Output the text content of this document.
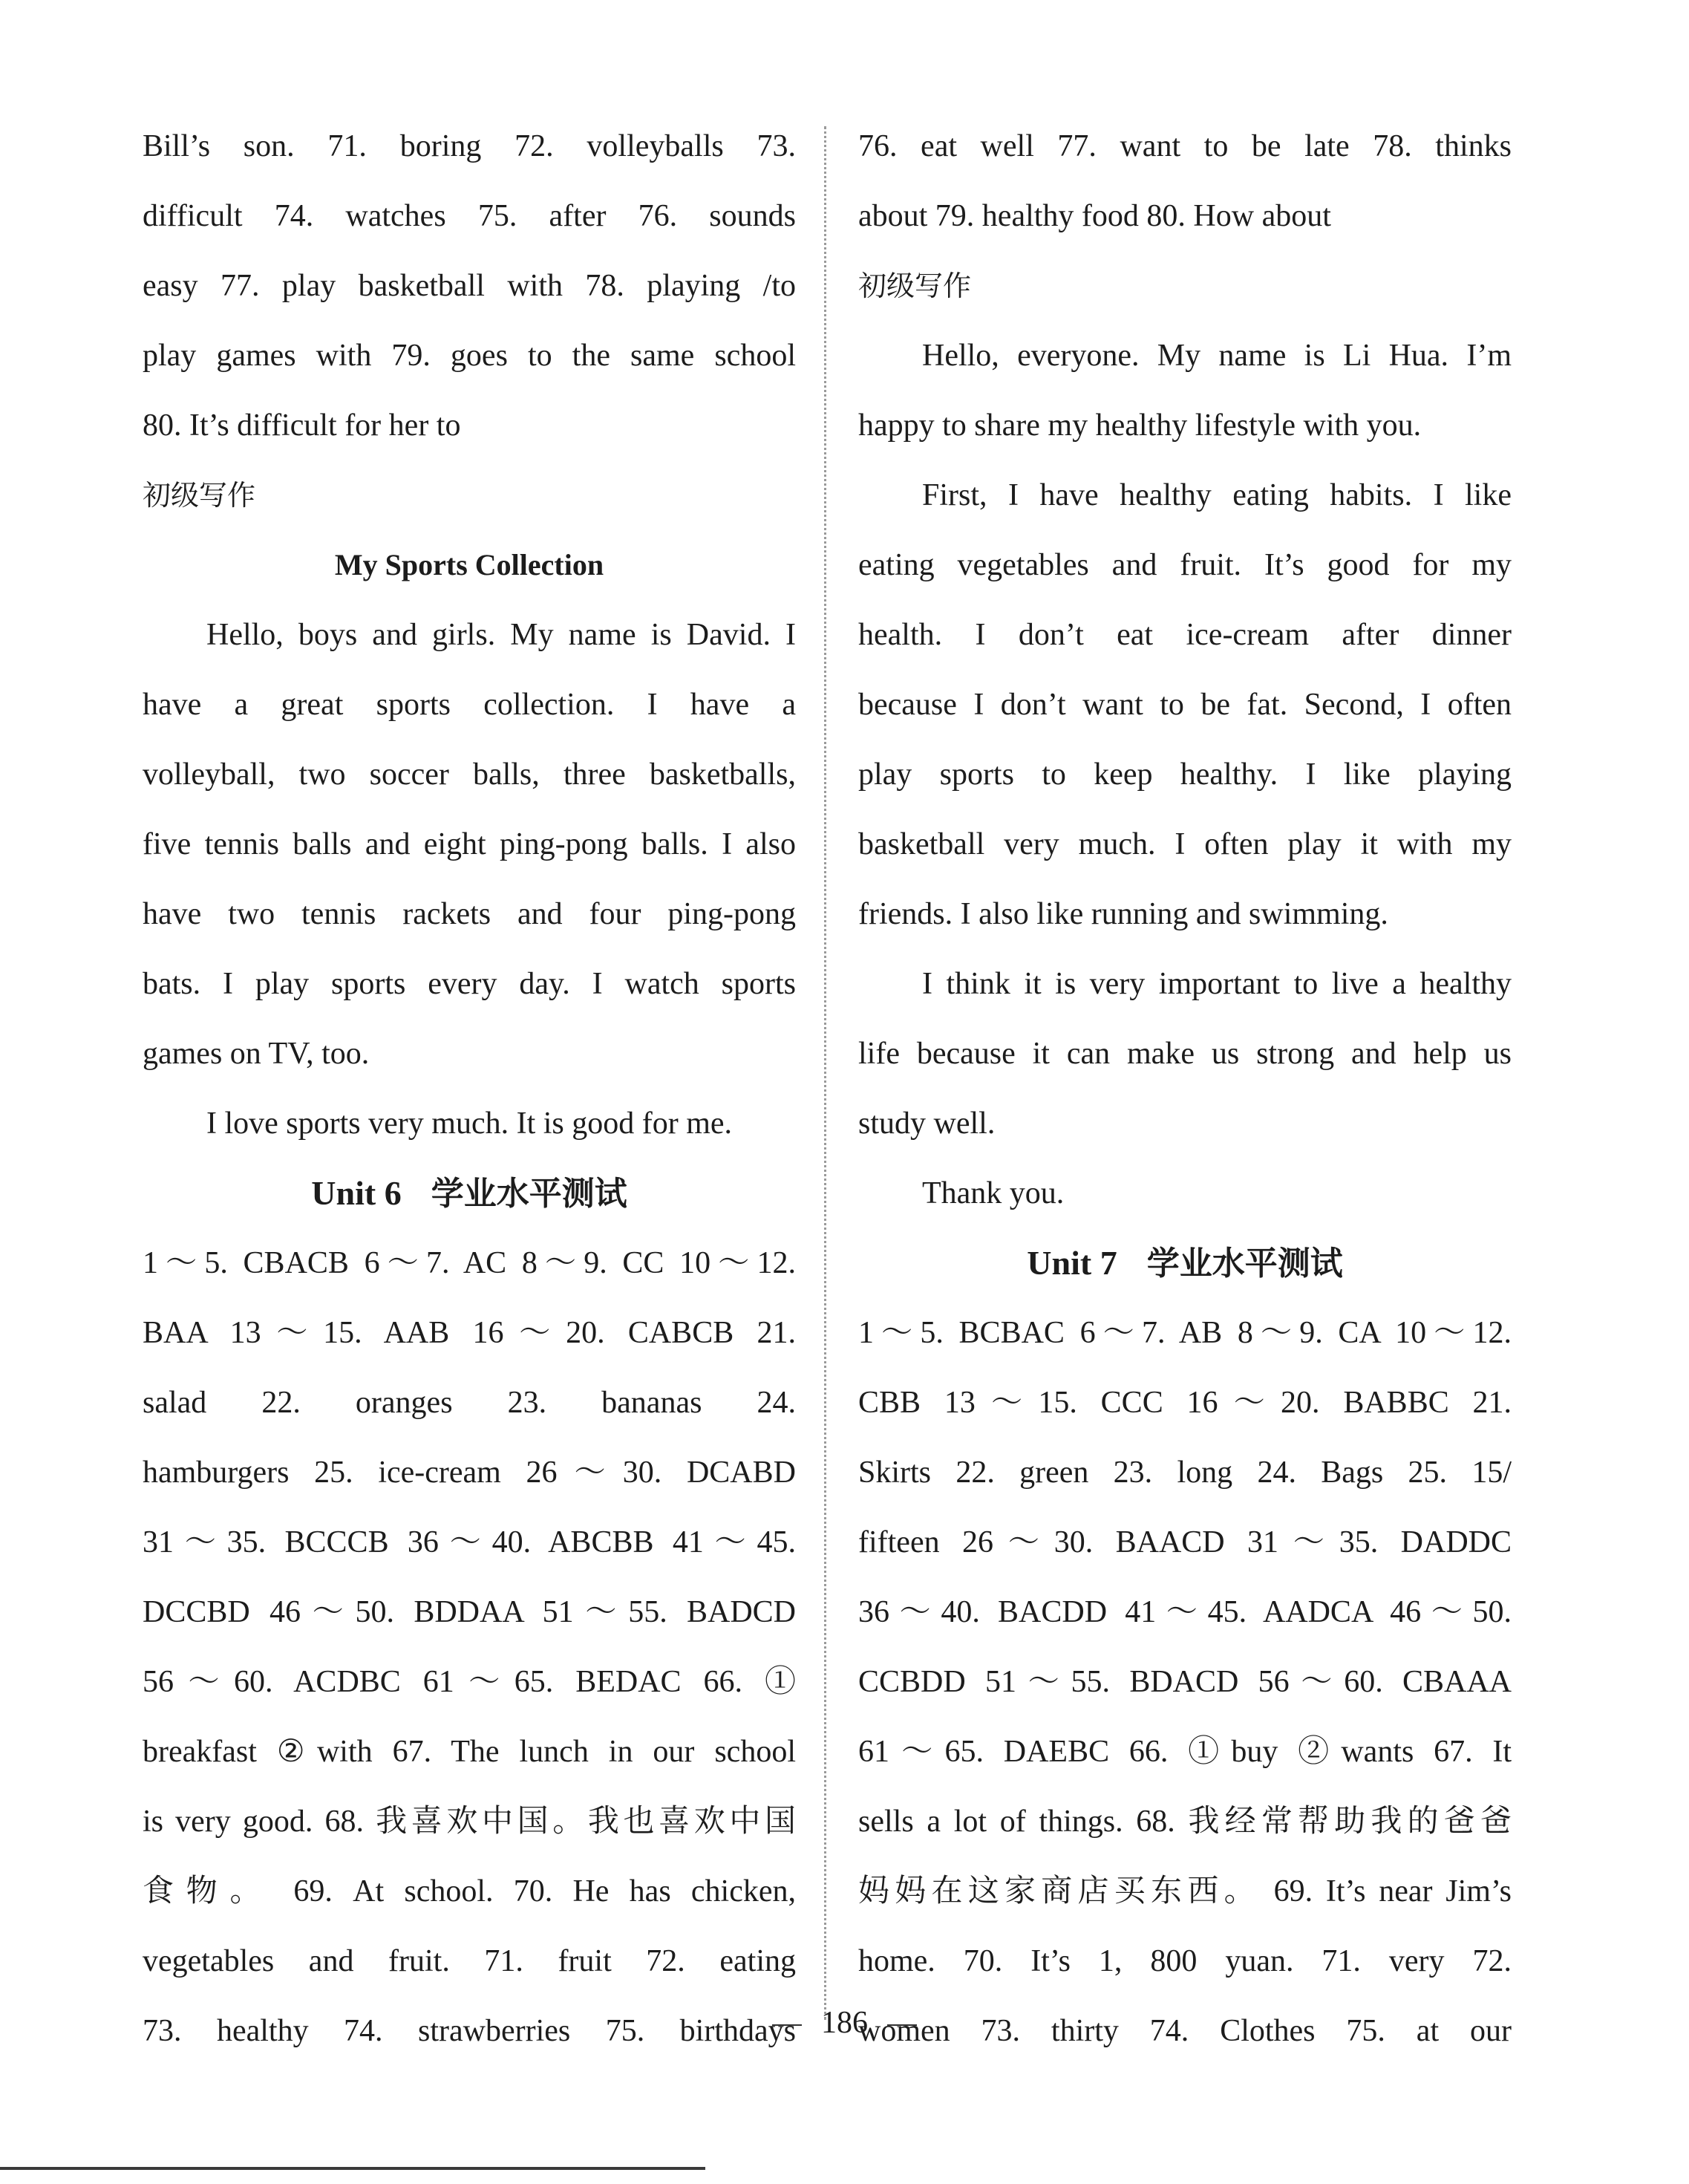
Bill’s son. 71. boring 72. volleyballs 73.
difficult 74. watches 75. after 76. sounds
easy 77. play basketball with 78. playing /to
play games with 79. goes to the same school
80. It’s difficult for her to
初级写作
My Sports Collection
Hello, boys and girls. My name is David. I
have a great sports collection. I have a
volleyball, two soccer balls, three basketballs,
five tennis balls and eight ping-pong balls. I also
have two tennis rackets and four ping-pong
bats. I play sports every day. I watch sports
games on TV, too.
I love sports very much. It is good for me.
Unit 6 学业水平测试
1～5. CBACB 6～7. AC 8～9. CC 10～12.
BAA 13～15. AAB 16～20. CABCB 21.
salad 22. oranges 23. bananas 24.
hamburgers 25. ice-cream 26～30. DCABD
31～35. BCCCB 36～40. ABCBB 41～45.
DCCBD 46～50. BDDAA 51～55. BADCD
56～60. ACDBC 61～65. BEDAC 66. ①
breakfast ②with 67. The lunch in our school
is very good. 68. 我喜欢中国。我也喜欢中国
食物。 69. At school. 70. He has chicken,
vegetables and fruit. 71. fruit 72. eating
73. healthy 74. strawberries 75. birthdays
76. eat well 77. want to be late 78. thinks
about 79. healthy food 80. How about
初级写作
Hello, everyone. My name is Li Hua. I’m
happy to share my healthy lifestyle with you.
First, I have healthy eating habits. I like
eating vegetables and fruit. It’s good for my
health. I don’t eat ice-cream after dinner
because I don’t want to be fat. Second, I often
play sports to keep healthy. I like playing
basketball very much. I often play it with my
friends. I also like running and swimming.
I think it is very important to live a healthy
life because it can make us strong and help us
study well.
Thank you.
Unit 7 学业水平测试
1～5. BCBAC 6～7. AB 8～9. CA 10～12.
CBB 13～15. CCC 16～20. BABBC 21.
Skirts 22. green 23. long 24. Bags 25. 15/
fifteen 26～30. BAACD 31～35. DADDC
36～40. BACDD 41～45. AADCA 46～50.
CCBDD 51～55. BDACD 56～60. CBAAA
61～65. DAEBC 66. ①buy ②wants 67. It
sells a lot of things. 68. 我经常帮助我的爸爸
妈妈在这家商店买东西。 69. It’s near Jim’s
home. 70. It’s 1, 800 yuan. 71. very 72.
women 73. thirty 74. Clothes 75. at our
186
